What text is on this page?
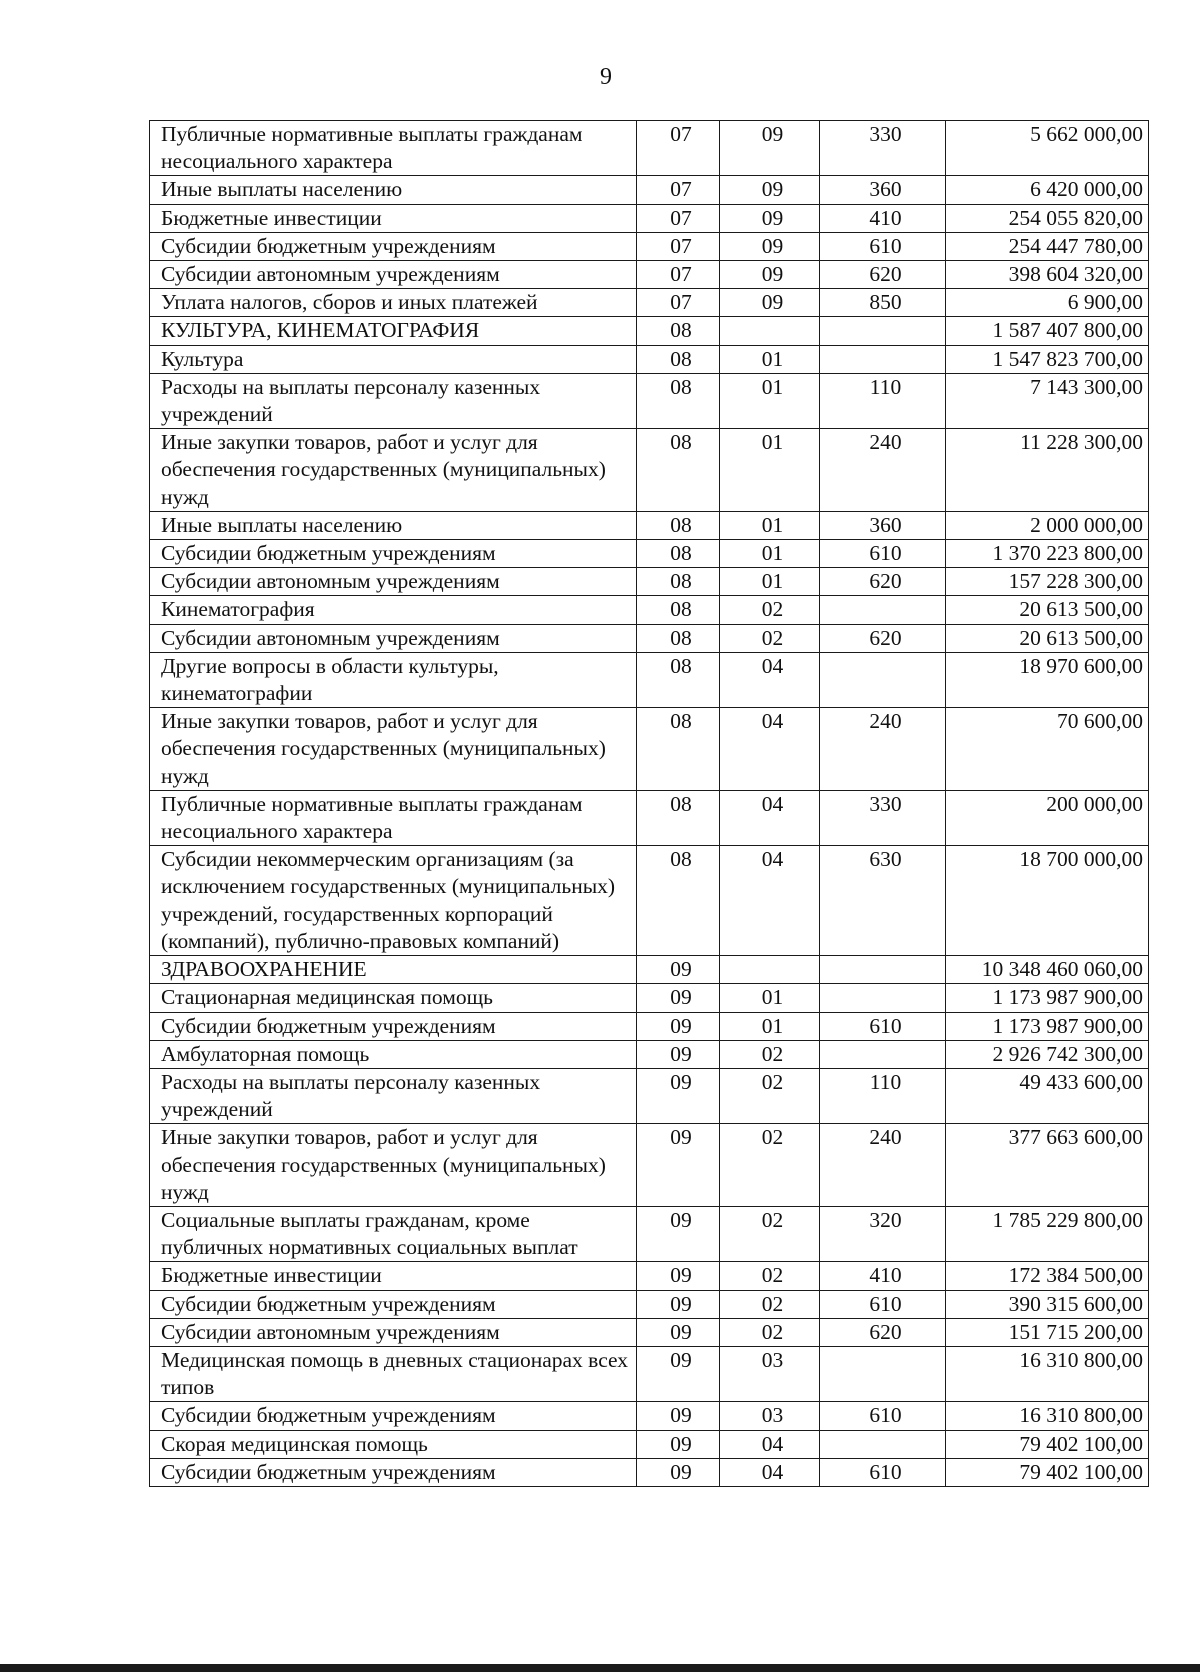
9
Публичные нормативные выплаты гражданам несоциального характера	07	09	330	5 662 000,00
Иные выплаты населению	07	09	360	6 420 000,00
Бюджетные инвестиции	07	09	410	254 055 820,00
Субсидии бюджетным учреждениям	07	09	610	254 447 780,00
Субсидии автономным учреждениям	07	09	620	398 604 320,00
Уплата налогов, сборов и иных платежей	07	09	850	6 900,00
КУЛЬТУРА, КИНЕМАТОГРАФИЯ	08			1 587 407 800,00
Культура	08	01		1 547 823 700,00
Расходы на выплаты персоналу казенных учреждений	08	01	110	7 143 300,00
Иные закупки товаров, работ и услуг для обеспечения государственных (муниципальных) нужд	08	01	240	11 228 300,00
Иные выплаты населению	08	01	360	2 000 000,00
Субсидии бюджетным учреждениям	08	01	610	1 370 223 800,00
Субсидии автономным учреждениям	08	01	620	157 228 300,00
Кинематография	08	02		20 613 500,00
Субсидии автономным учреждениям	08	02	620	20 613 500,00
Другие вопросы в области культуры, кинематографии	08	04		18 970 600,00
Иные закупки товаров, работ и услуг для обеспечения государственных (муниципальных) нужд	08	04	240	70 600,00
Публичные нормативные выплаты гражданам несоциального характера	08	04	330	200 000,00
Субсидии некоммерческим организациям (за исключением государственных (муниципальных) учреждений, государственных корпораций (компаний), публично-правовых компаний)	08	04	630	18 700 000,00
ЗДРАВООХРАНЕНИЕ	09			10 348 460 060,00
Стационарная медицинская помощь	09	01		1 173 987 900,00
Субсидии бюджетным учреждениям	09	01	610	1 173 987 900,00
Амбулаторная помощь	09	02		2 926 742 300,00
Расходы на выплаты персоналу казенных учреждений	09	02	110	49 433 600,00
Иные закупки товаров, работ и услуг для обеспечения государственных (муниципальных) нужд	09	02	240	377 663 600,00
Социальные выплаты гражданам, кроме публичных нормативных социальных выплат	09	02	320	1 785 229 800,00
Бюджетные инвестиции	09	02	410	172 384 500,00
Субсидии бюджетным учреждениям	09	02	610	390 315 600,00
Субсидии автономным учреждениям	09	02	620	151 715 200,00
Медицинская помощь в дневных стационарах всех типов	09	03		16 310 800,00
Субсидии бюджетным учреждениям	09	03	610	16 310 800,00
Скорая медицинская помощь	09	04		79 402 100,00
Субсидии бюджетным учреждениям	09	04	610	79 402 100,00
